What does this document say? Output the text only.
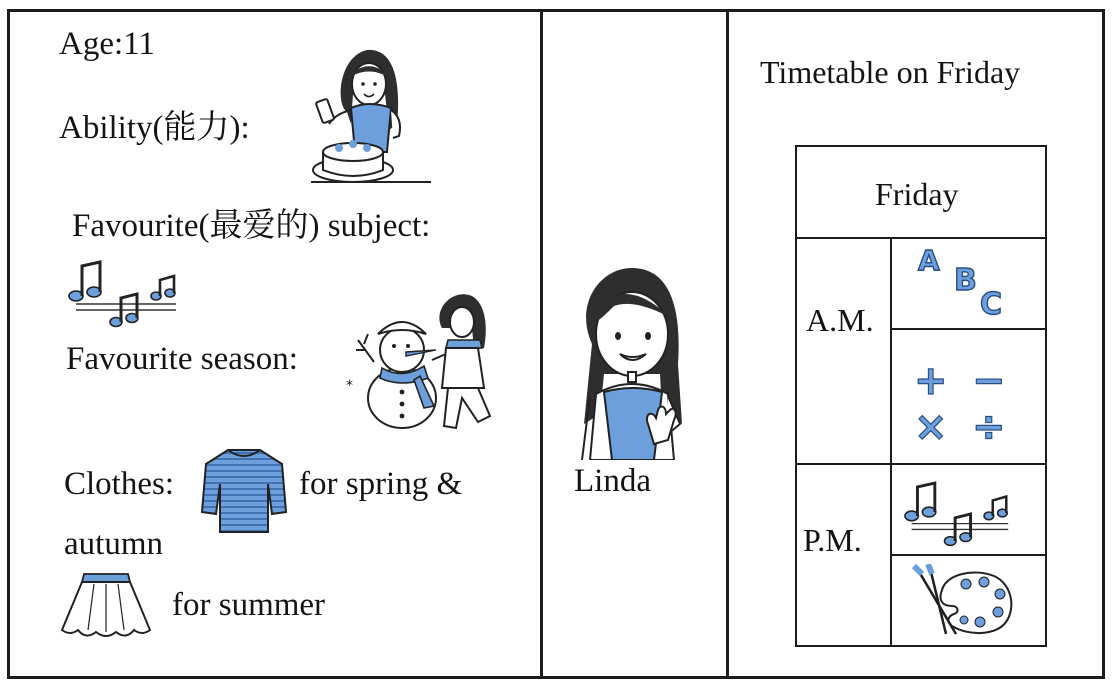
Age:11
Ability(能力):
Favourite(最爱的) subject:
Favourite season:
*
Clothes:	for spring &
autumn
for summer
Linda
Timetable on Friday
Friday
A.M.
P.M.
A
B
C
+ −
× ÷
